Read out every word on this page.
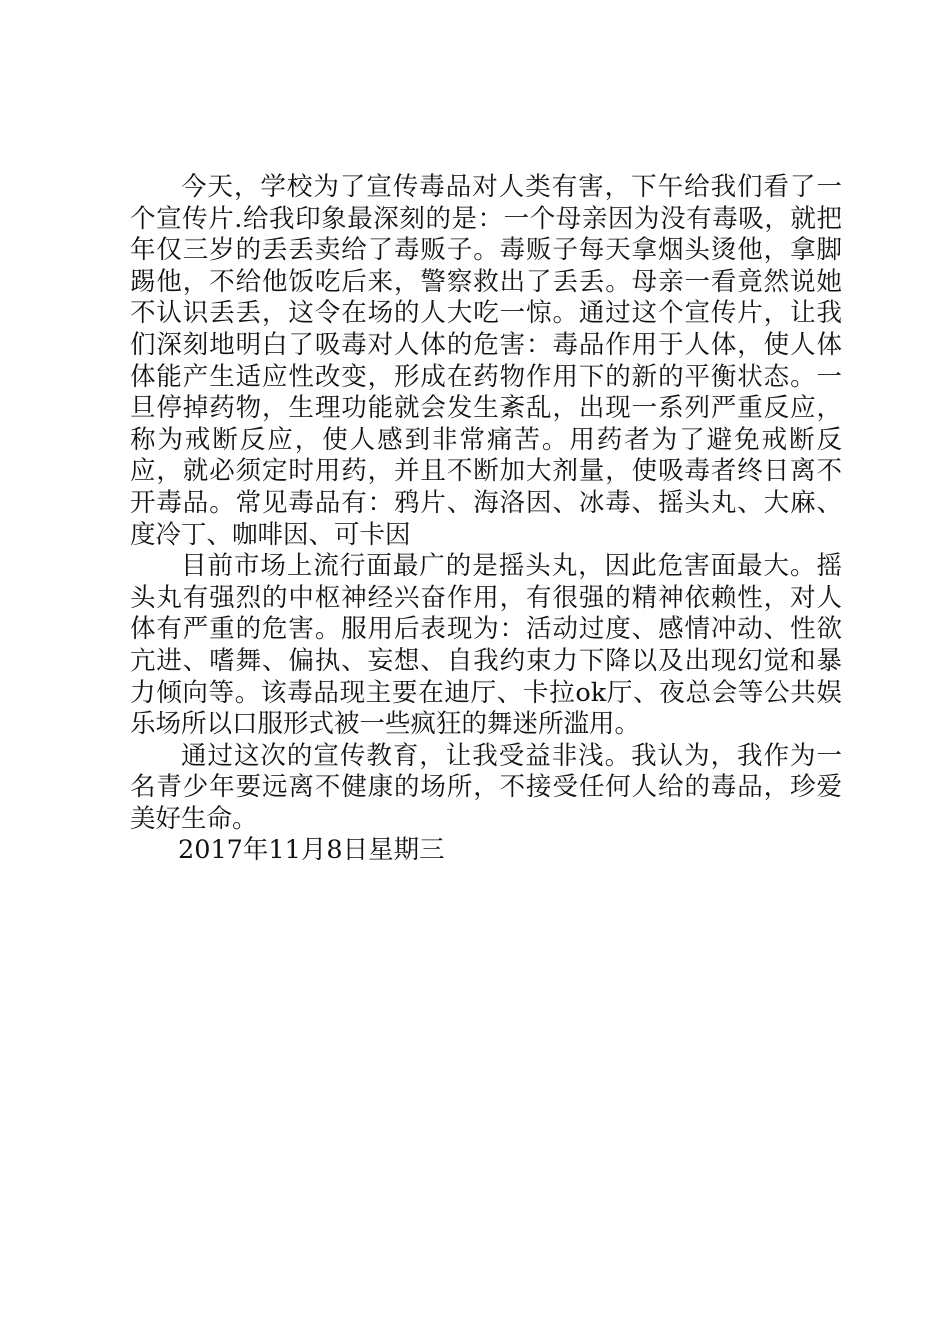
今天，学校为了宣传毒品对人类有害，下午给我们看了一个宣传片.给我印象最深刻的是：一个母亲因为没有毒吸，就把年仅三岁的丢丢卖给了毒贩子。毒贩子每天拿烟头烫他，拿脚踢他，不给他饭吃后来，警察救出了丢丢。母亲一看竟然说她不认识丢丢，这令在场的人大吃一惊。通过这个宣传片，让我们深刻地明白了吸毒对人体的危害：毒品作用于人体，使人体体能产生适应性改变，形成在药物作用下的新的平衡状态。一旦停掉药物，生理功能就会发生紊乱，出现一系列严重反应，称为戒断反应，使人感到非常痛苦。用药者为了避免戒断反应，就必须定时用药，并且不断加大剂量，使吸毒者终日离不开毒品。常见毒品有：鸦片、海洛因、冰毒、摇头丸、大麻、度冷丁、咖啡因、可卡因

目前市场上流行面最广的是摇头丸，因此危害面最大。摇头丸有强烈的中枢神经兴奋作用，有很强的精神依赖性，对人体有严重的危害。服用后表现为：活动过度、感情冲动、性欲亢进、嗜舞、偏执、妄想、自我约束力下降以及出现幻觉和暴力倾向等。该毒品现主要在迪厅、卡拉ok厅、夜总会等公共娱乐场所以口服形式被一些疯狂的舞迷所滥用。

通过这次的宣传教育，让我受益非浅。我认为，我作为一名青少年要远离不健康的场所，不接受任何人给的毒品，珍爱美好生命。

2017年11月8日星期三
